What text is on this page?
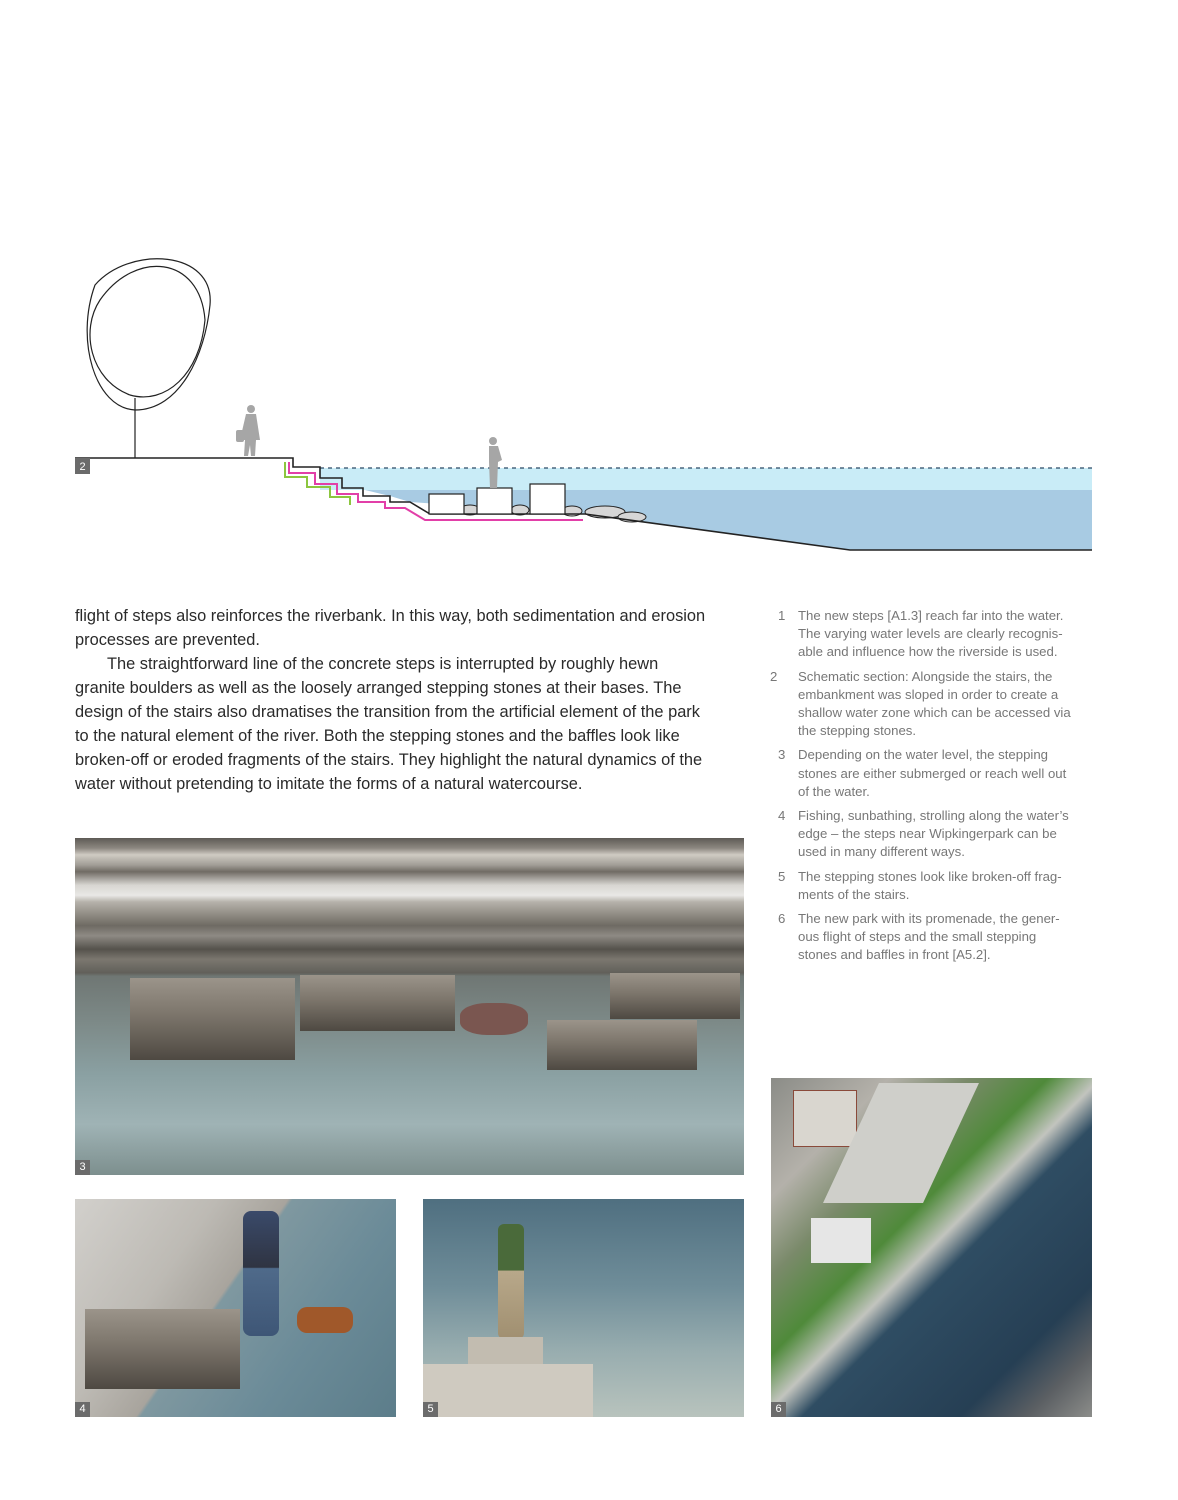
2
flight of steps also reinforces the riverbank. In this way, both sedimentation and erosion
processes are prevented.
The straightforward line of the concrete steps is interrupted by roughly hewn
granite boulders as well as the loosely arranged stepping stones at their bases. The
design of the stairs also dramatises the transition from the artificial element of the park
to the natural element of the river. Both the stepping stones and the baffles look like
broken-off or eroded fragments of the stairs. They highlight the natural dynamics of the
water without pretending to imitate the forms of a natural watercourse.
1 The new steps [A1.3] reach far into the water.
The varying water levels are clearly recognis-
able and influence how the riverside is used.
2 Schematic section: Alongside the stairs, the
embankment was sloped in order to create a
shallow water zone which can be accessed via
the stepping stones.
3 Depending on the water level, the stepping
stones are either submerged or reach well out
of the water.
4 Fishing, sunbathing, strolling along the water’s
edge – the steps near Wipkingerpark can be
used in many different ways.
5 The stepping stones look like broken-off frag-
ments of the stairs.
6 The new park with its promenade, the gener-
ous flight of steps and the small stepping
stones and baffles in front [A5.2].
3
4	5	6
